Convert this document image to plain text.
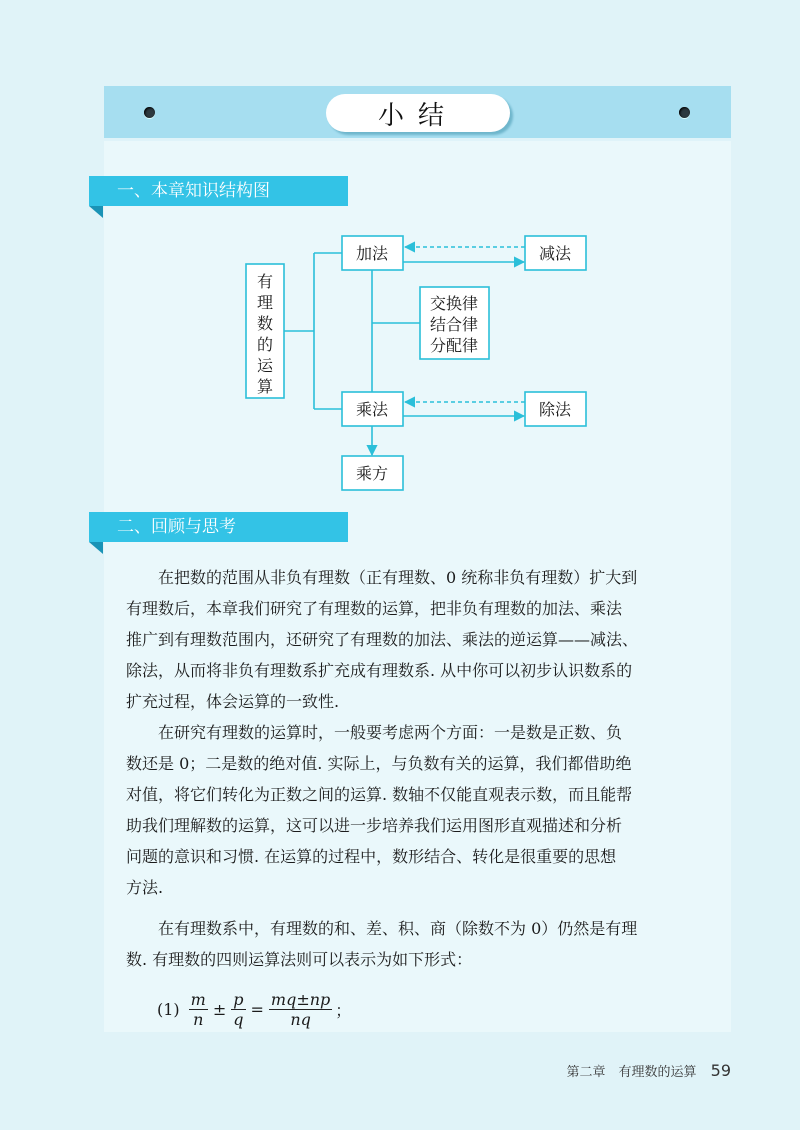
小结
一、本章知识结构图
有
理
数
的
运
算
加法	减法
交换律
结合律
分配律
乘法	除法
乘方
二、回顾与思考
在把数的范围从非负有理数（正有理数、0 统称非负有理数）扩大到
有理数后，本章我们研究了有理数的运算，把非负有理数的加法、乘法
推广到有理数范围内，还研究了有理数的加法、乘法的逆运算——减法、
除法，从而将非负有理数系扩充成有理数系. 从中你可以初步认识数系的
扩充过程，体会运算的一致性.
在研究有理数的运算时，一般要考虑两个方面：一是数是正数、负
数还是 0；二是数的绝对值. 实际上，与负数有关的运算，我们都借助绝
对值，将它们转化为正数之间的运算. 数轴不仅能直观表示数，而且能帮
助我们理解数的运算，这可以进一步培养我们运用图形直观描述和分析
问题的意识和习惯. 在运算的过程中，数形结合、转化是很重要的思想
方法.
在有理数系中，有理数的和、差、积、商（除数不为 0）仍然是有理
数. 有理数的四则运算法则可以表示为如下形式：
$(1) \frac{m}{n} \pm \frac{p}{q} = \frac{mq\pm np}{nq}$ ；
第二章　有理数的运算 59
